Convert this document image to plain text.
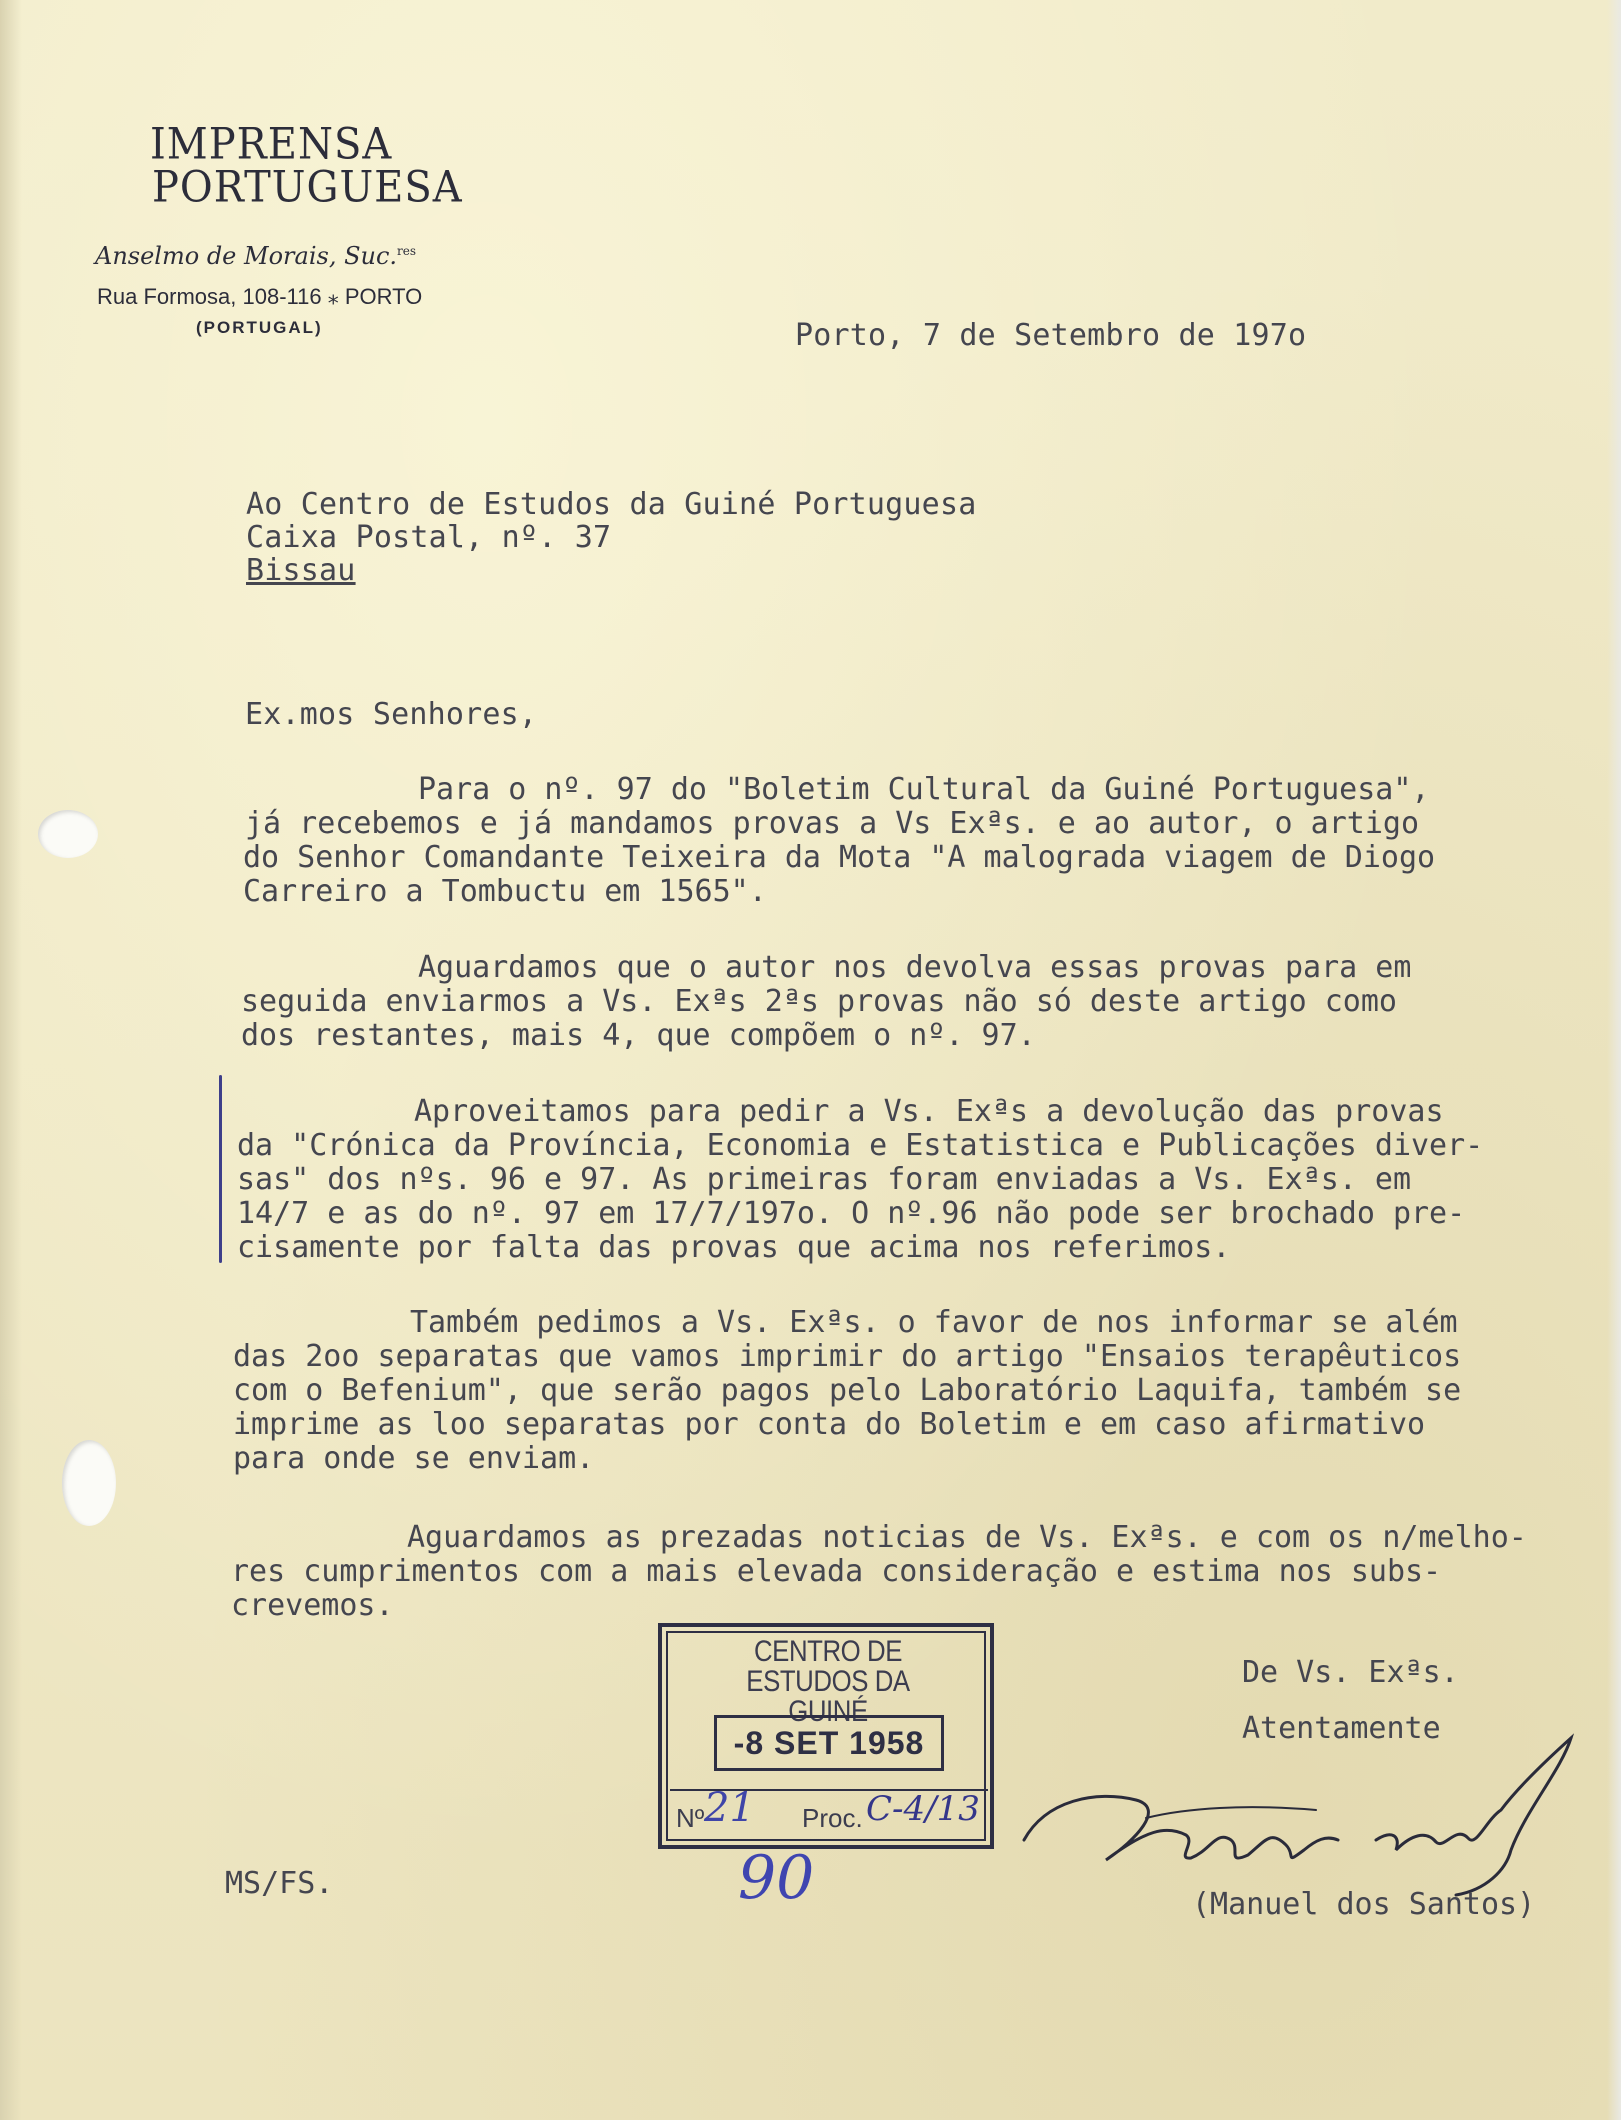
IMPRENSA
PORTUGUESA
Anselmo de Morais, Suc.$^{res}$
Rua Formosa, 108-116 ⁎ PORTO
(PORTUGAL)	Porto, 7 de Setembro de 197o
Ao Centro de Estudos da Guiné Portuguesa
Caixa Postal, nº. 37
Bissau
Ex.mos Senhores,
Para o nº. 97 do "Boletim Cultural da Guiné Portuguesa",
já recebemos e já mandamos provas a Vs Exªs. e ao autor, o artigo
do Senhor Comandante Teixeira da Mota "A malograda viagem de Diogo
Carreiro a Tombuctu em 1565".
Aguardamos que o autor nos devolva essas provas para em
seguida enviarmos a Vs. Exªs 2ªs provas não só deste artigo como
dos restantes, mais 4, que compõem o nº. 97.
Aproveitamos para pedir a Vs. Exªs a devolução das provas
da "Crónica da Província, Economia e Estatistica e Publicações diver-
sas" dos nºs. 96 e 97. As primeiras foram enviadas a Vs. Exªs. em
14/7 e as do nº. 97 em 17/7/197o. O nº.96 não pode ser brochado pre-
cisamente por falta das provas que acima nos referimos.
Também pedimos a Vs. Exªs. o favor de nos informar se além
das 2oo separatas que vamos imprimir do artigo "Ensaios terapêuticos
com o Befenium", que serão pagos pelo Laboratório Laquifa, também se
imprime as loo separatas por conta do Boletim e em caso afirmativo
para onde se enviam.
Aguardamos as prezadas noticias de Vs. Exªs. e com os n/melho-
res cumprimentos com a mais elevada consideração e estima nos subs-
crevemos.
De Vs. Exªs.
Atentamente
(Manuel dos Santos)
MS/FS.
CENTRO DE ESTUDOS DA
GUINÉ
-8 SET 1958
Nº	Proc.
21	C-4/13
90
